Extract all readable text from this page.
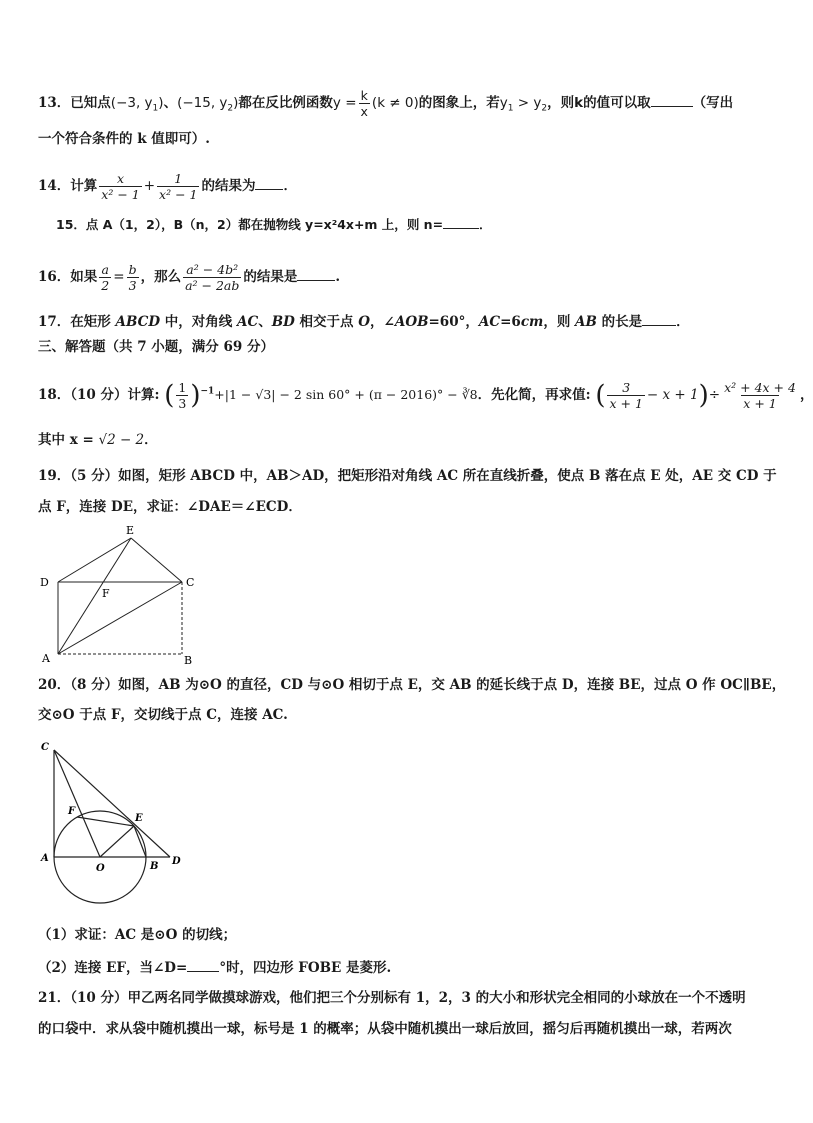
13．已知点(−3, $y_1$)、(−15, $y_2$)都在反比例函数$y = \frac{k}{x} (k \ne 0)$的图象上，若$y_1 > y_2$，则k的值可以取	（写出
一个符合条件的 k 值即可）.
14．计算 $\frac{x}{\text{x² − 1}} + \frac{1}{\text{x² − 1}}$ 的结果为 ．
15．点 A（1，2），B（n，2）都在抛物线 y=x²4x+m 上，则 n=	．
16．如果 $\frac{a}{2} = \frac{b}{3}$ ，那么 $\frac{\text{a² − 4b²}}{\text{a² − 2ab}}$ 的结果是	.
17．在矩形 ABCD 中，对角线 AC、BD 相交于点 O，∠AOB=60°，AC=6cm，则 AB 的长是	．
三、解答题（共 7 小题，满分 69 分）
18．（10 分）计算: ( $\frac{1}{3} )^{-1}+|1 - √3| - 2$ sin 60° + (π − 2016)° − ∛8．先化简，再求值: ( $\frac{3}{x + 1} - x + 1)\div \frac{\text{x² + 4x + 4}}{x + 1}$ ，
其中 x = √2 − 2．
19．（5 分）如图，矩形 ABCD 中，AB＞AD，把矩形沿对角线 AC 所在直线折叠，使点 B 落在点 E 处，AE 交 CD 于
点 F，连接 DE，求证：∠DAE＝∠ECD．
E
D
F
C
A	B
20．（8 分）如图，AB 为⊙O 的直径，CD 与⊙O 相切于点 E，交 AB 的延长线于点 D，连接 BE，过点 O 作 OC∥BE，
交⊙O 于点 F，交切线于点 C，连接 AC.
C
F
E
A
O	B D
（1）求证：AC 是⊙O 的切线；
（2）连接 EF，当∠D= °时，四边形 FOBE 是菱形.
21．（10 分）甲乙两名同学做摸球游戏，他们把三个分别标有 1，2，3 的大小和形状完全相同的小球放在一个不透明
的口袋中．求从袋中随机摸出一球，标号是 1 的概率；从袋中随机摸出一球后放回，摇匀后再随机摸出一球，若两次
